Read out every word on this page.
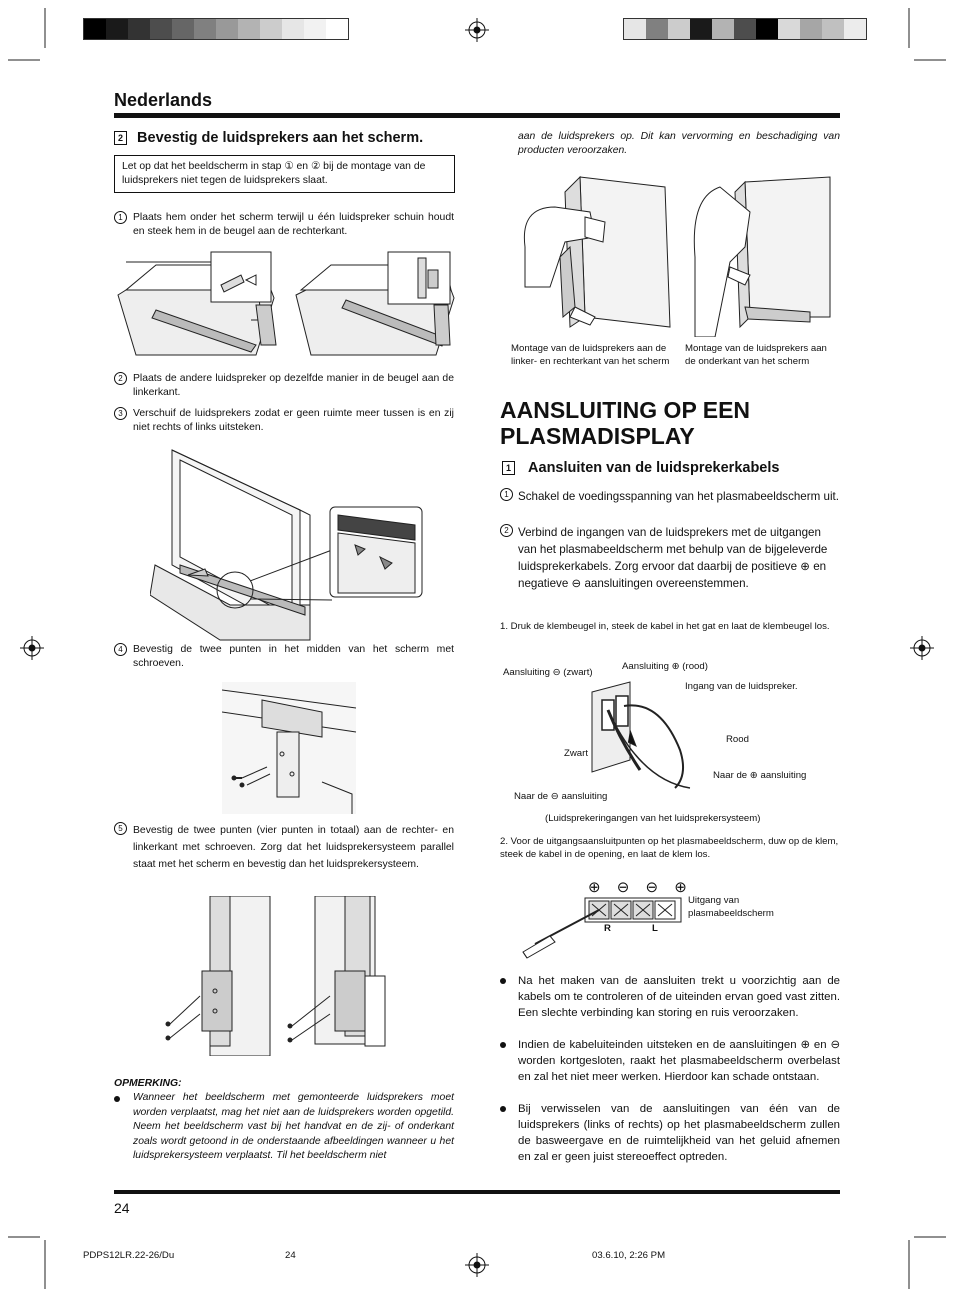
Nederlands
2 Bevestig de luidsprekers aan het scherm.
Let op dat het beeldscherm in stap ① en ② bij de montage van de luidsprekers niet tegen de luidsprekers slaat.
1 Plaats hem onder het scherm terwijl u één luidspreker schuin houdt en steek hem in de beugel aan de rechterkant.
2 Plaats de andere luidspreker op dezelfde manier in de beugel aan de linkerkant.
3 Verschuif de luidsprekers zodat er geen ruimte meer tussen is en zij niet rechts of links uitsteken.
4 Bevestig de twee punten in het midden van het scherm met schroeven.
5 Bevestig de twee punten (vier punten in totaal) aan de rechter- en linkerkant met schroeven. Zorg dat het luidsprekersysteem parallel staat met het scherm en bevestig dan het luidsprekersysteem.
OPMERKING:
Wanneer het beeldscherm met gemonteerde luidsprekers moet worden verplaatst, mag het niet aan de luidsprekers worden opgetild. Neem het beeldscherm vast bij het handvat en de zij- of onderkant zoals wordt getoond in de onderstaande afbeeldingen wanneer u het luidsprekersysteem verplaatst. Til het beeldscherm niet
aan de luidsprekers op. Dit kan vervorming en beschadiging van producten veroorzaken.
Montage van de luidsprekers aan de linker- en rechterkant van het scherm
Montage van de luidsprekers aan de onderkant van het scherm
AANSLUITING OP EEN
PLASMADISPLAY
1 Aansluiten van de luidsprekerkabels
1 Schakel de voedingsspanning van het plasmabeeldscherm uit.
2 Verbind de ingangen van de luidsprekers met de uitgangen van het plasmabeeldscherm met behulp van de bijgeleverde luidsprekerkabels. Zorg ervoor dat daarbij de positieve ⊕ en negatieve ⊖ aansluitingen overeenstemmen.
1. Druk de klembeugel in, steek de kabel in het gat en laat de klembeugel los.
Aansluiting ⊖ (zwart)
Aansluiting ⊕ (rood)
Ingang van de luidspreker.
Rood
Zwart
Naar de ⊕ aansluiting
Naar de ⊖ aansluiting
(Luidsprekeringangen van het luidsprekersysteem)
2. Voor de uitgangsaansluitpunten op het plasmabeeldscherm, duw op de klem, steek de kabel in de opening, en laat de klem los.
⊕ ⊖ ⊖ ⊕
Uitgang van plasmabeeldscherm
R	L
Na het maken van de aansluiten trekt u voorzichtig aan de kabels om te controleren of de uiteinden ervan goed vast zitten. Een slechte verbinding kan storing en ruis veroorzaken.
Indien de kabeluiteinden uitsteken en de aansluitingen ⊕ en ⊖ worden kortgesloten, raakt het plasmabeeldscherm overbelast en zal het niet meer werken. Hierdoor kan schade ontstaan.
Bij verwisselen van de aansluitingen van één van de luidsprekers (links of rechts) op het plasmabeeldscherm zullen de basweergave en de ruimtelijkheid van het geluid afnemen en zal er geen juist stereoeffect optreden.
24
PDPS12LR.22-26/Du	24	03.6.10, 2:26 PM
